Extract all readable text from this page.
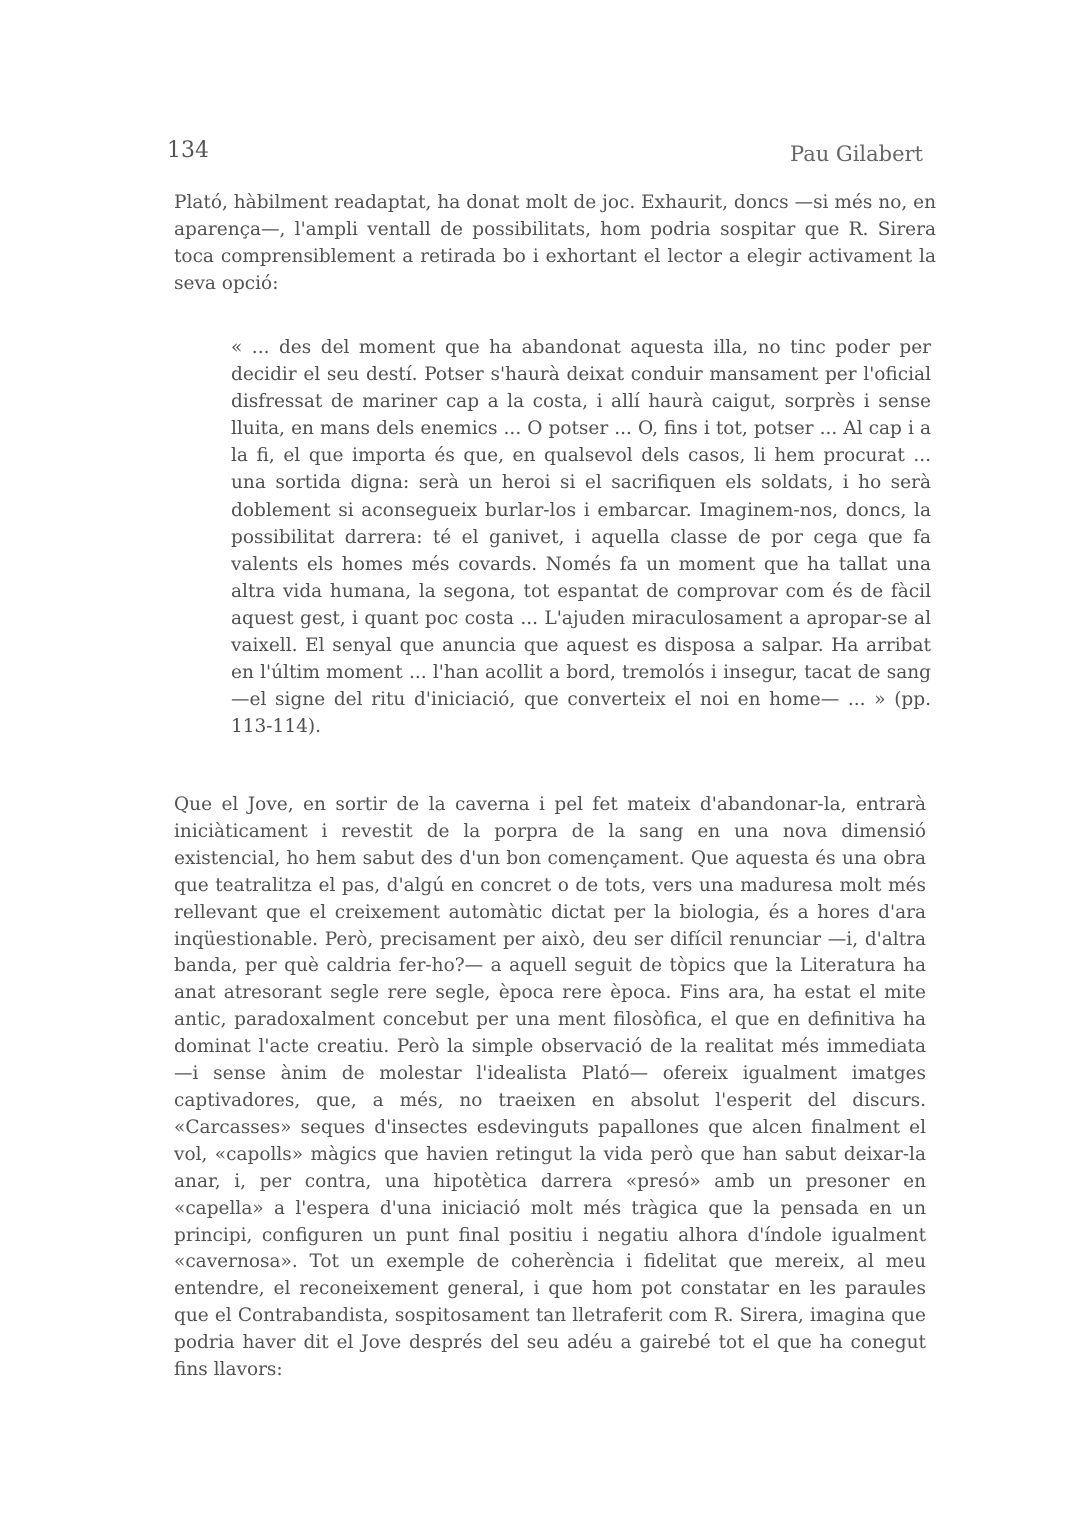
134	Pau Gilabert

Plató, hàbilment readaptat, ha donat molt de joc. Exhaurit, doncs —si més no, en aparença—, l'ampli ventall de possibilitats, hom podria sospitar que R. Sirera toca comprensiblement a retirada bo i exhortant el lector a elegir activament la seva opció:

« ... des del moment que ha abandonat aquesta illa, no tinc poder per decidir el seu destí. Potser s'haurà deixat conduir mansament per l'oficial disfressat de mariner cap a la costa, i allí haurà caigut, sorprès i sense lluita, en mans dels enemics ... O potser ... O, fins i tot, potser ... Al cap i a la fi, el que importa és que, en qualsevol dels casos, li hem procurat ... una sortida digna: serà un heroi si el sacrifiquen els soldats, i ho serà doblement si aconsegueix burlar-los i embarcar. Imaginem-nos, doncs, la possibilitat darrera: té el ganivet, i aquella classe de por cega que fa valents els homes més covards. Només fa un moment que ha tallat una altra vida humana, la segona, tot espantat de comprovar com és de fàcil aquest gest, i quant poc costa ... L'ajuden miraculosament a apropar-se al vaixell. El senyal que anuncia que aquest es disposa a salpar. Ha arribat en l'últim moment ... l'han acollit a bord, tremolós i insegur, tacat de sang —el signe del ritu d'iniciació, que converteix el noi en home— ... » (pp. 113-114).

Que el Jove, en sortir de la caverna i pel fet mateix d'abandonar-la, entrarà iniciàticament i revestit de la porpra de la sang en una nova dimensió existencial, ho hem sabut des d'un bon començament. Que aquesta és una obra que teatralitza el pas, d'algú en concret o de tots, vers una maduresa molt més rellevant que el creixement automàtic dictat per la biologia, és a hores d'ara inqüestionable. Però, precisament per això, deu ser difícil renunciar —i, d'altra banda, per què caldria fer-ho?— a aquell seguit de tòpics que la Literatura ha anat atresorant segle rere segle, època rere època. Fins ara, ha estat el mite antic, paradoxalment concebut per una ment filosòfica, el que en definitiva ha dominat l'acte creatiu. Però la simple observació de la realitat més immediata —i sense ànim de molestar l'idealista Plató— ofereix igualment imatges captivadores, que, a més, no traeixen en absolut l'esperit del discurs. «Carcasses» seques d'insectes esdevinguts papallones que alcen finalment el vol, «capolls» màgics que havien retingut la vida però que han sabut deixar-la anar, i, per contra, una hipotètica darrera «presó» amb un presoner en «capella» a l'espera d'una iniciació molt més tràgica que la pensada en un principi, configuren un punt final positiu i negatiu alhora d'índole igualment «cavernosa». Tot un exemple de coherència i fidelitat que mereix, al meu entendre, el reconeixement general, i que hom pot constatar en les paraules que el Contrabandista, sospitosament tan lletraferit com R. Sirera, imagina que podria haver dit el Jove després del seu adéu a gairebé tot el que ha conegut fins llavors:
